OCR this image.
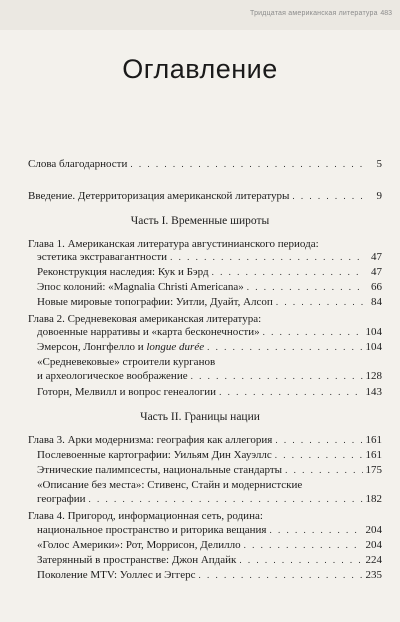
Тридцатая американская литература 483
Оглавление
Слова благодарности . . .	5
Введение. Детерриторизация американской литературы . . .	9
Часть I. Временные широты
Глава 1. Американская литература августинианского периода:
эстетика экстравагантности . . .	47
Реконструкция наследия: Кук и Бэрд . . .	47
Эпос колоний: «Magnalia Christi Americana» . . .	66
Новые мировые топографии: Уитли, Дуайт, Алсоп . . .	84
Глава 2. Средневековая американская литература:
довоенные нарративы и «карта бесконечности» . . .	104
Эмерсон, Лонгфелло и longue durée . . .	104
«Средневековые» строители курганов
и археологическое воображение . . .	128
Готорн, Мелвилл и вопрос генеалогии . . .	143
Часть II. Границы нации
Глава 3. Арки модернизма: география как аллегория . . .	161
Послевоенные картографии: Уильям Дин Хауэллс . . .	161
Этнические палимпсесты, национальные стандарты . . .	175
«Описание без места»: Стивенс, Стайн и модернистские
географии . . .	182
Глава 4. Пригород, информационная сеть, родина:
национальное пространство и риторика вещания . . .	204
«Голос Америки»: Рот, Моррисон, Делилло . . .	204
Затерянный в пространстве: Джон Апдайк . . .	224
Поколение MTV: Уоллес и Эггерс . . .	235
